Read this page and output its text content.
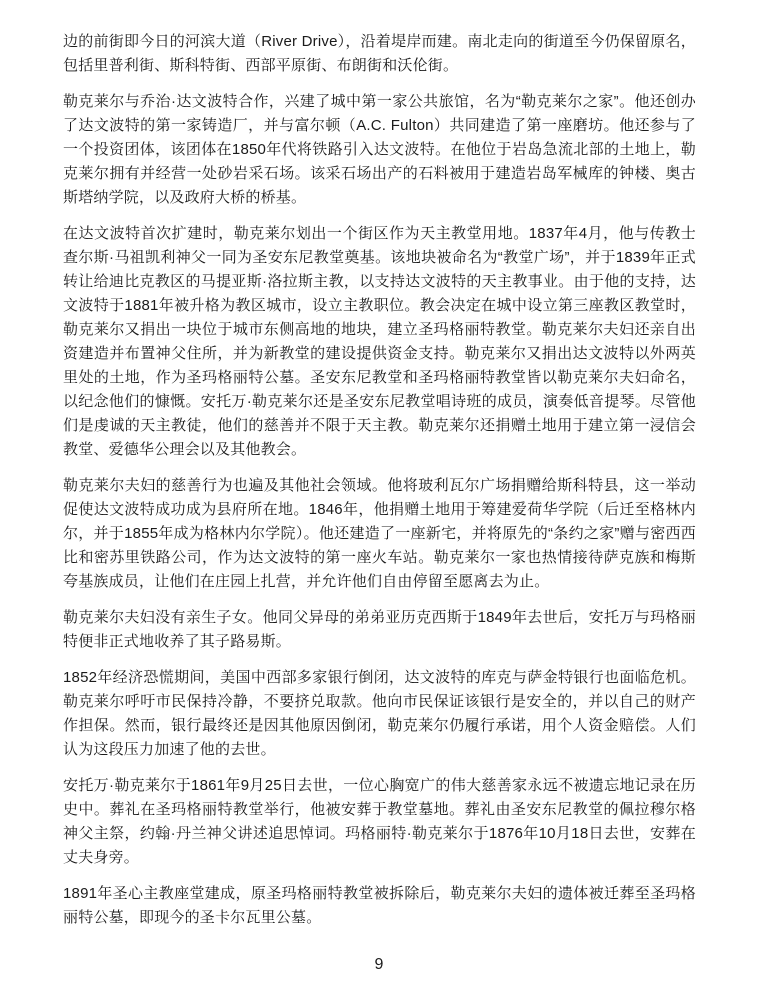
边的前街即今日的河滨大道（River Drive），沿着堤岸而建。南北走向的街道至今仍保留原名，包括里普利街、斯科特街、西部平原街、布朗街和沃伦街。

勒克莱尔与乔治·达文波特合作，兴建了城中第一家公共旅馆，名为“勒克莱尔之家”。他还创办了达文波特的第一家铸造厂，并与富尔顿（A.C. Fulton）共同建造了第一座磨坊。他还参与了一个投资团体，该团体在1850年代将铁路引入达文波特。在他位于岩岛急流北部的土地上，勒克莱尔拥有并经营一处砂岩采石场。该采石场出产的石料被用于建造岩岛军械库的钟楼、奥古斯塔纳学院，以及政府大桥的桥基。

在达文波特首次扩建时，勒克莱尔划出一个街区作为天主教堂用地。1837年4月，他与传教士查尔斯·马祖凯利神父一同为圣安东尼教堂奠基。该地块被命名为“教堂广场”，并于1839年正式转让给迪比克教区的马提亚斯·洛拉斯主教，以支持达文波特的天主教事业。由于他的支持，达文波特于1881年被升格为教区城市，设立主教职位。教会决定在城中设立第三座教区教堂时，勒克莱尔又捐出一块位于城市东侧高地的地块，建立圣玛格丽特教堂。勒克莱尔夫妇还亲自出资建造并布置神父住所，并为新教堂的建设提供资金支持。勒克莱尔又捐出达文波特以外两英里处的土地，作为圣玛格丽特公墓。圣安东尼教堂和圣玛格丽特教堂皆以勒克莱尔夫妇命名，以纪念他们的慷慨。安托万·勒克莱尔还是圣安东尼教堂唱诗班的成员，演奏低音提琴。尽管他们是虔诚的天主教徒，他们的慈善并不限于天主教。勒克莱尔还捐赠土地用于建立第一浸信会教堂、爱德华公理会以及其他教会。

勒克莱尔夫妇的慈善行为也遍及其他社会领域。他将玻利瓦尔广场捐赠给斯科特县，这一举动促使达文波特成功成为县府所在地。1846年，他捐赠土地用于筹建爱荷华学院（后迁至格林内尔，并于1855年成为格林内尔学院）。他还建造了一座新宅，并将原先的“条约之家”赠与密西西比和密苏里铁路公司，作为达文波特的第一座火车站。勒克莱尔一家也热情接待萨克族和梅斯夸基族成员，让他们在庄园上扎营，并允许他们自由停留至愿离去为止。

勒克莱尔夫妇没有亲生子女。他同父异母的弟弟亚历克西斯于1849年去世后，安托万与玛格丽特便非正式地收养了其子路易斯。

1852年经济恐慌期间，美国中西部多家银行倒闭，达文波特的库克与萨金特银行也面临危机。勒克莱尔呼吁市民保持冷静，不要挤兑取款。他向市民保证该银行是安全的，并以自己的财产作担保。然而，银行最终还是因其他原因倒闭，勒克莱尔仍履行承诺，用个人资金赔偿。人们认为这段压力加速了他的去世。

安托万·勒克莱尔于1861年9月25日去世，一位心胸宽广的伟大慈善家永远不被遗忘地记录在历史中。葬礼在圣玛格丽特教堂举行，他被安葬于教堂墓地。葬礼由圣安东尼教堂的佩拉穆尔格神父主祭，约翰·丹兰神父讲述追思悼词。玛格丽特·勒克莱尔于1876年10月18日去世，安葬在丈夫身旁。

1891年圣心主教座堂建成，原圣玛格丽特教堂被拆除后，勒克莱尔夫妇的遗体被迁葬至圣玛格丽特公墓，即现今的圣卡尔瓦里公墓。

9
